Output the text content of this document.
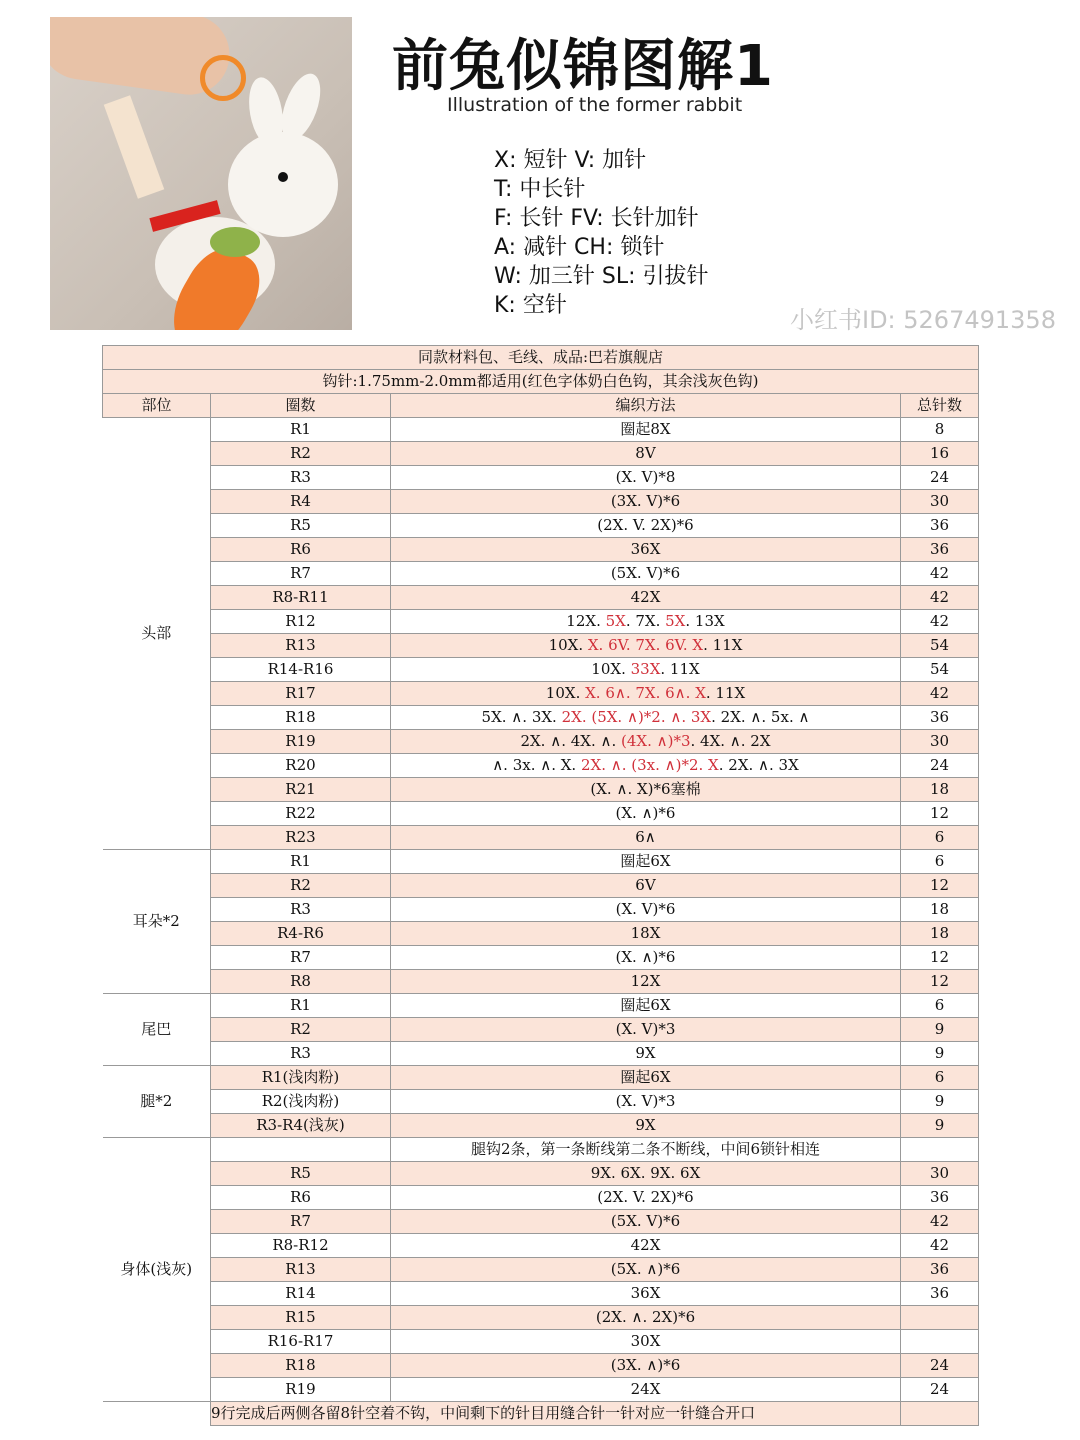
前兔似锦图解1
Illustration of the former rabbit
X: 短针 V: 加针
T: 中长针
F: 长针 FV: 长针加针
A: 减针 CH: 锁针
W: 加三针 SL: 引拔针
K: 空针
同款材料包、毛线、成品:巴若旗舰店			
钩针:1.75mm-2.0mm都适用(红色字体奶白色钩，其余浅灰色钩)			
部位	圈数	编织方法	总针数
头部	R1	圈起8X	8
	R2	8V	16
	R3	(X. V)*8	24
	R4	(3X. V)*6	30
	R5	(2X. V. 2X)*6	36
	R6	36X	36
	R7	(5X. V)*6	42
	R8-R11	42X	42
	R12	12X. 5X. 7X. 5X. 13X	42
	R13	10X. X. 6V. 7X. 6V. X. 11X	54
	R14-R16	10X. 33X. 11X	54
	R17	10X. X. 6∧. 7X. 6∧. X. 11X	42
	R18	5X. ∧. 3X. 2X. (5X. ∧)*2. ∧. 3X. 2X. ∧. 5x. ∧	36
	R19	2X. ∧. 4X. ∧. (4X. ∧)*3. 4X. ∧. 2X	30
	R20	∧. 3x. ∧. X. 2X. ∧. (3x. ∧)*2. X. 2X. ∧. 3X	24
	R21	(X. ∧. X)*6塞棉	18
	R22	(X. ∧)*6	12
	R23	6∧	6
耳朵*2	R1	圈起6X	6
	R2	6V	12
	R3	(X. V)*6	18
	R4-R6	18X	18
	R7	(X. ∧)*6	12
	R8	12X	12
尾巴	R1	圈起6X	6
	R2	(X. V)*3	9
	R3	9X	9
腿*2	R1(浅肉粉)	圈起6X	6
	R2(浅肉粉)	(X. V)*3	9
	R3-R4(浅灰)	9X	9
身体(浅灰)		腿钩2条，第一条断线第二条不断线，中间6锁针相连	
	R5	9X. 6X. 9X. 6X	30
	R6	(2X. V. 2X)*6	36
	R7	(5X. V)*6	42
	R8-R12	42X	42
	R13	(5X. ∧)*6	36
	R14	36X	36
	R15	(2X. ∧. 2X)*6	
	R16-R17	30X	
	R18	(3X. ∧)*6	24
	R19	24X	24
	9行完成后两侧各留8针空着不钩，中间剩下的针目用缝合针一针对应一针缝合开口		
小红书ID: 5267491358
